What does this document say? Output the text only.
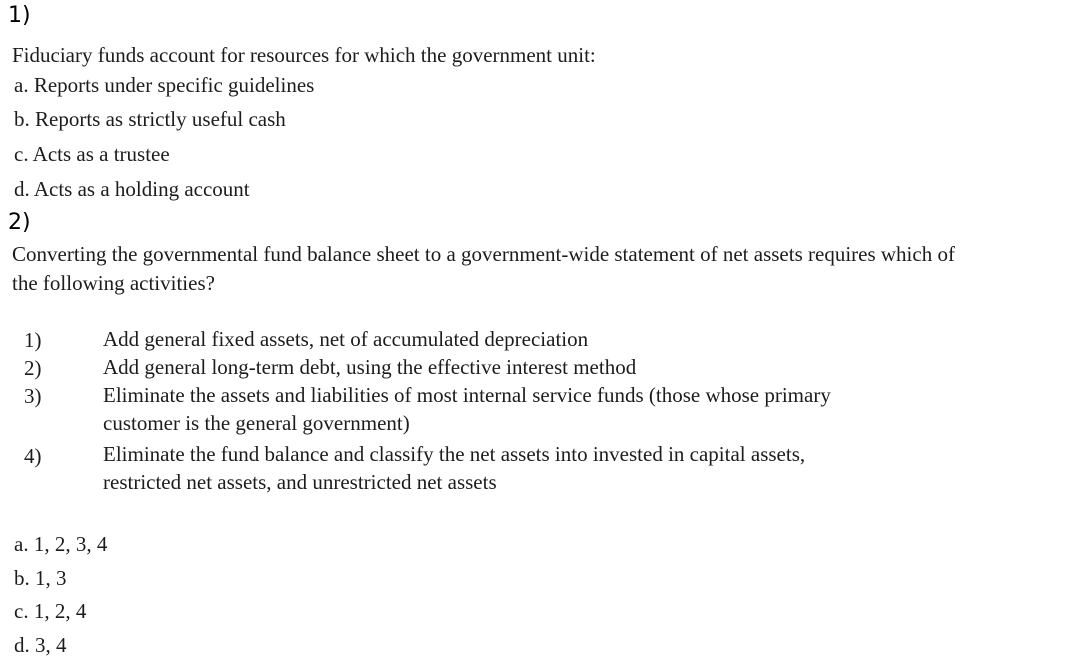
1)
Fiduciary funds account for resources for which the government unit:
a. Reports under specific guidelines
b. Reports as strictly useful cash
c. Acts as a trustee
d. Acts as a holding account
2)
Converting the governmental fund balance sheet to a government-wide statement of net assets requires which of
the following activities?
1)	Add general fixed assets, net of accumulated depreciation
2)	Add general long-term debt, using the effective interest method
3)	Eliminate the assets and liabilities of most internal service funds (those whose primary
customer is the general government)
4)	Eliminate the fund balance and classify the net assets into invested in capital assets,
restricted net assets, and unrestricted net assets
a. 1, 2, 3, 4
b. 1, 3
c. 1, 2, 4
d. 3, 4
